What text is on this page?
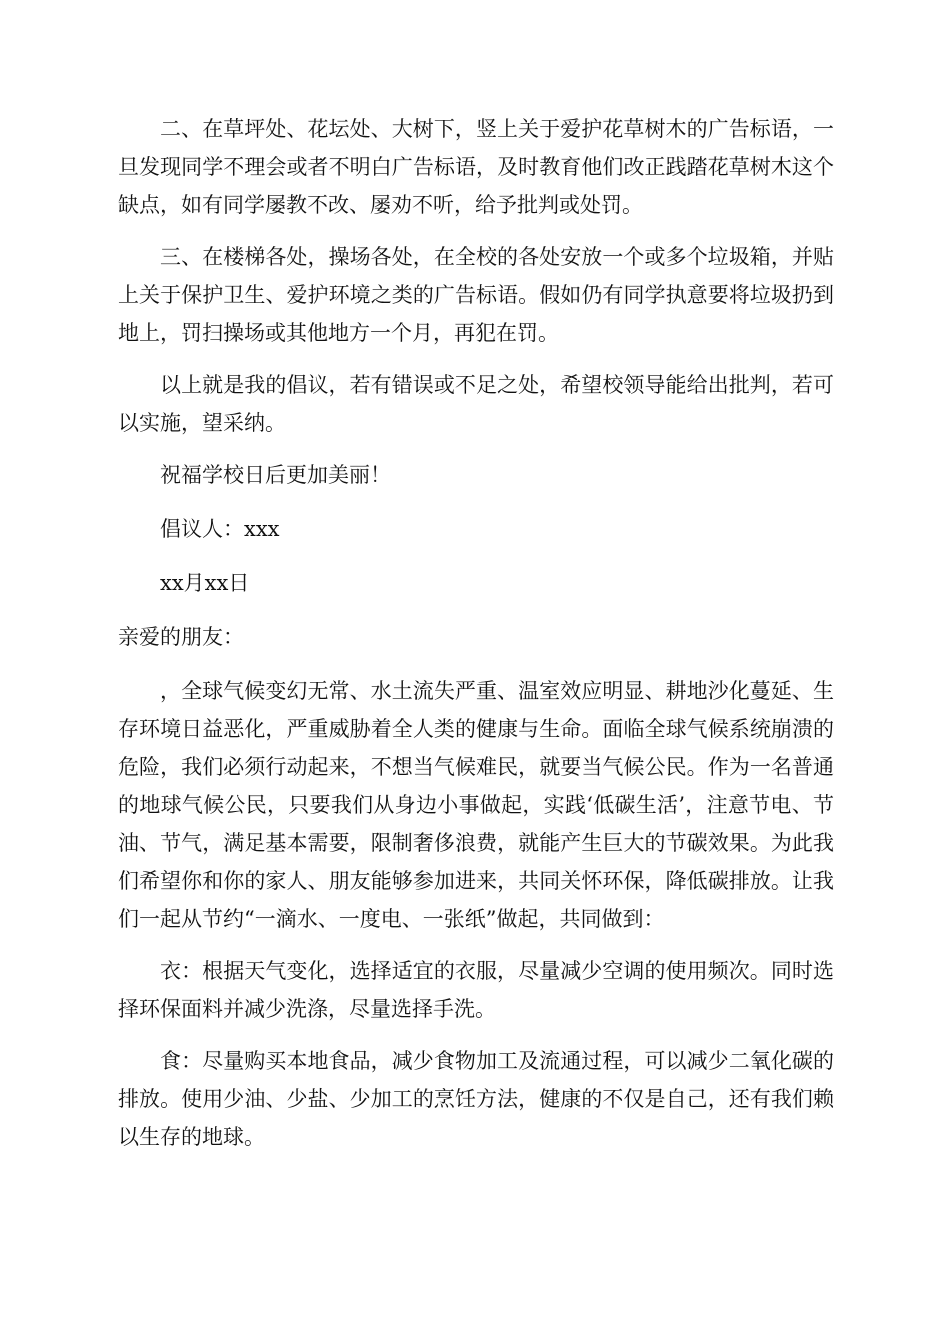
二、在草坪处、花坛处、大树下，竖上关于爱护花草树木的广告标语，一旦发现同学不理会或者不明白广告标语，及时教育他们改正践踏花草树木这个缺点，如有同学屡教不改、屡劝不听，给予批判或处罚。

三、在楼梯各处，操场各处，在全校的各处安放一个或多个垃圾箱，并贴上关于保护卫生、爱护环境之类的广告标语。假如仍有同学执意要将垃圾扔到地上，罚扫操场或其他地方一个月，再犯在罚。

以上就是我的倡议，若有错误或不足之处，希望校领导能给出批判，若可以实施，望采纳。

祝福学校日后更加美丽！

倡议人：xxx

xx月xx日

亲爱的朋友：

，全球气候变幻无常、水土流失严重、温室效应明显、耕地沙化蔓延、生存环境日益恶化，严重威胁着全人类的健康与生命。面临全球气候系统崩溃的危险，我们必须行动起来，不想当气候难民，就要当气候公民。作为一名普通的地球气候公民，只要我们从身边小事做起，实践‘低碳生活’，注意节电、节油、节气，满足基本需要，限制奢侈浪费，就能产生巨大的节碳效果。为此我们希望你和你的家人、朋友能够参加进来，共同关怀环保，降低碳排放。让我们一起从节约“一滴水、一度电、一张纸”做起，共同做到：

衣：根据天气变化，选择适宜的衣服，尽量减少空调的使用频次。同时选择环保面料并减少洗涤，尽量选择手洗。

食：尽量购买本地食品，减少食物加工及流通过程，可以减少二氧化碳的排放。使用少油、少盐、少加工的烹饪方法，健康的不仅是自己，还有我们赖以生存的地球。
